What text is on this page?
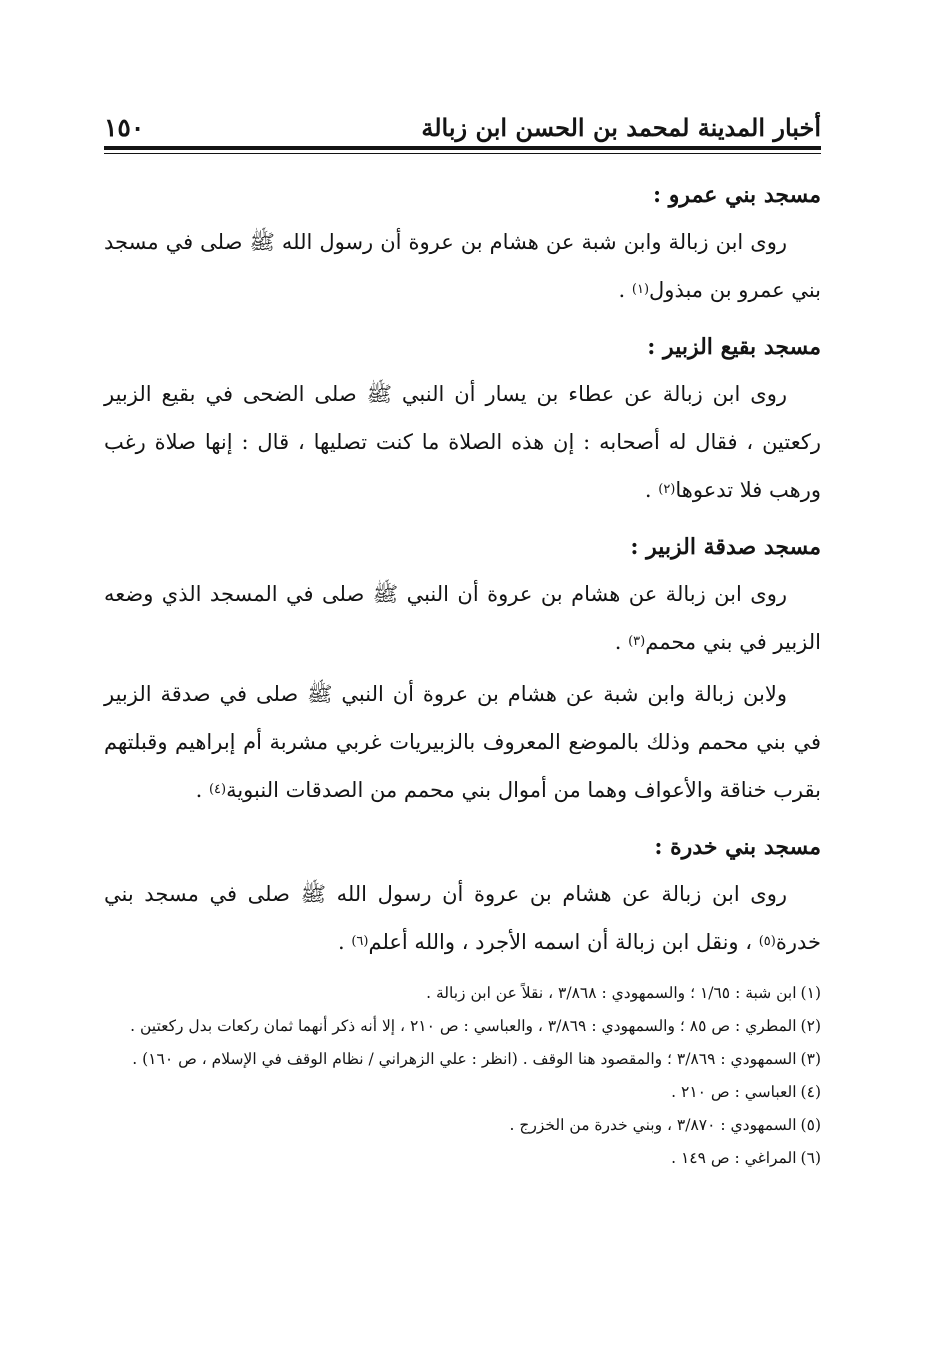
أخبار المدينة لمحمد بن الحسن ابن زبالة
١٥٠
مسجد بني عمرو :

روى ابن زبالة وابن شبة عن هشام بن عروة أن رسول الله ﷺ صلى في مسجد بني عمرو بن مبذول$^{(١)}$ .

مسجد بقيع الزبير :

روى ابن زبالة عن عطاء بن يسار أن النبي ﷺ صلى الضحى في بقيع الزبير ركعتين ، فقال له أصحابه : إن هذه الصلاة ما كنت تصليها ، قال : إنها صلاة رغب ورهب فلا تدعوها$^{(٢)}$ .

مسجد صدقة الزبير :

روى ابن زبالة عن هشام بن عروة أن النبي ﷺ صلى في المسجد الذي وضعه الزبير في بني محمم$^{(٣)}$ .

ولابن زبالة وابن شبة عن هشام بن عروة أن النبي ﷺ صلى في صدقة الزبير في بني محمم وذلك بالموضع المعروف بالزبيريات غربي مشربة أم إبراهيم وقبلتهم بقرب خناقة والأعواف وهما من أموال بني محمم من الصدقات النبوية$^{(٤)}$ .

مسجد بني خدرة :

روى ابن زبالة عن هشام بن عروة أن رسول الله ﷺ صلى في مسجد بني خدرة$^{(٥)}$ ، ونقل ابن زبالة أن اسمه الأجرد ، والله أعلم$^{(٦)}$ .

(١)ابن شبة : ١/٦٥ ؛ والسمهودي : ٣/٨٦٨ ، نقلاً عن ابن زبالة .

(٢)المطري : ص ٨٥ ؛ والسمهودي : ٣/٨٦٩ ، والعباسي : ص ٢١٠ ، إلا أنه ذكر أنهما ثمان ركعات بدل ركعتين .

(٣)السمهودي : ٣/٨٦٩ ؛ والمقصود هنا الوقف . (انظر : علي الزهراني / نظام الوقف في الإسلام ، ص ١٦٠) .

(٤)العباسي : ص ٢١٠ .

(٥)السمهودي : ٣/٨٧٠ ، وبني خدرة من الخزرج .

(٦)المراغي : ص ١٤٩ .
